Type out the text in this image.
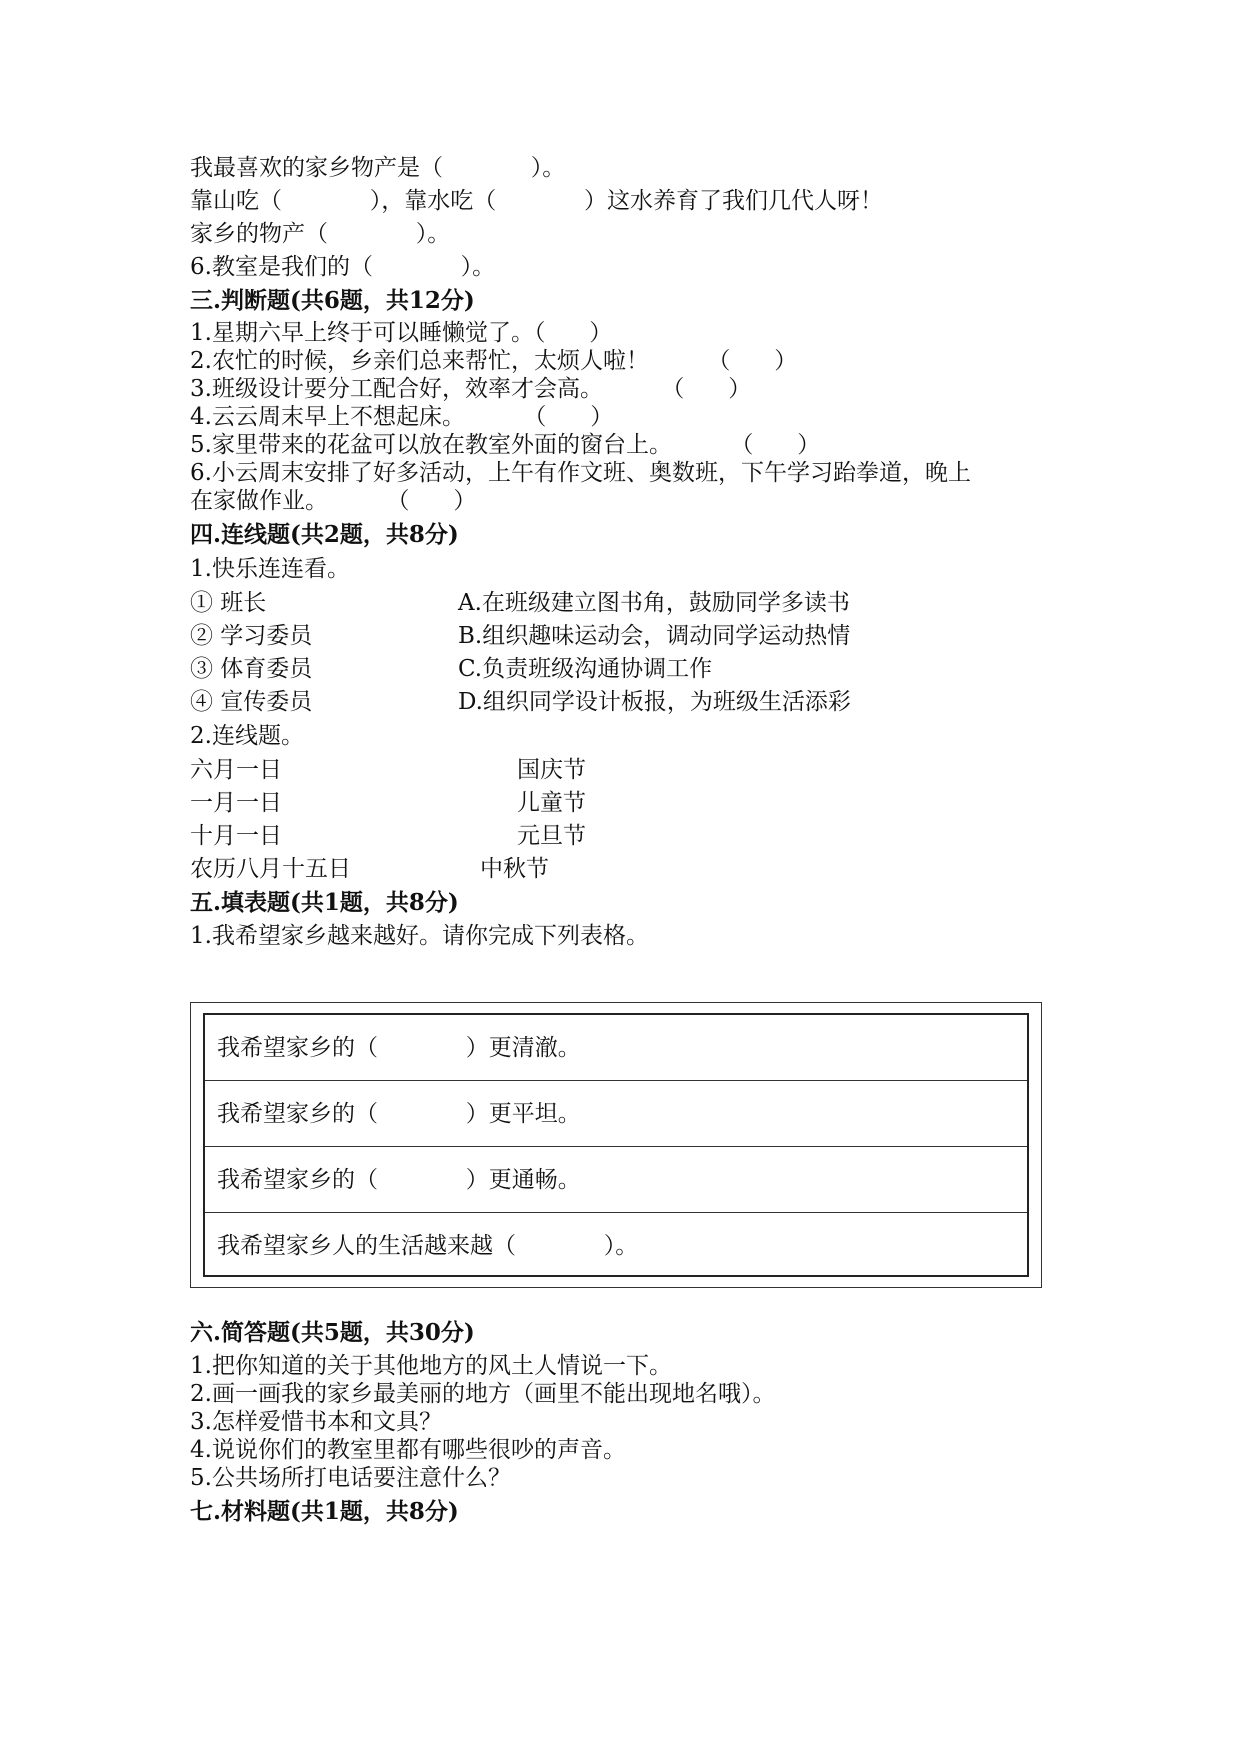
我最喜欢的家乡物产是（            ）。
靠山吃（            ），靠水吃（            ）这水养育了我们几代人呀！
家乡的物产（            ）。
6.教室是我们的（            ）。
三.判断题(共6题，共12分)
1.星期六早上终于可以睡懒觉了。（      ）
2.农忙的时候，乡亲们总来帮忙，太烦人啦！        （      ）
3.班级设计要分工配合好，效率才会高。        （      ）
4.云云周末早上不想起床。        （      ）
5.家里带来的花盆可以放在教室外面的窗台上。        （      ）
6.小云周末安排了好多活动，上午有作文班、奥数班，下午学习跆拳道，晚上
在家做作业。        （      ）
四.连线题(共2题，共8分)
1.快乐连连看。
① 班长
② 学习委员
③ 体育委员
④ 宣传委员
A.在班级建立图书角，鼓励同学多读书
B.组织趣味运动会，调动同学运动热情
C.负责班级沟通协调工作
D.组织同学设计板报，为班级生活添彩
2.连线题。
六月一日
一月一日
十月一日
农历八月十五日
国庆节
儿童节
元旦节
中秋节
五.填表题(共1题，共8分)
1.我希望家乡越来越好。请你完成下列表格。
我希望家乡的（            ）更清澈。
我希望家乡的（            ）更平坦。
我希望家乡的（            ）更通畅。
我希望家乡人的生活越来越（            ）。
六.简答题(共5题，共30分)
1.把你知道的关于其他地方的风土人情说一下。
2.画一画我的家乡最美丽的地方（画里不能出现地名哦）。
3.怎样爱惜书本和文具？
4.说说你们的教室里都有哪些很吵的声音。
5.公共场所打电话要注意什么？
七.材料题(共1题，共8分)
